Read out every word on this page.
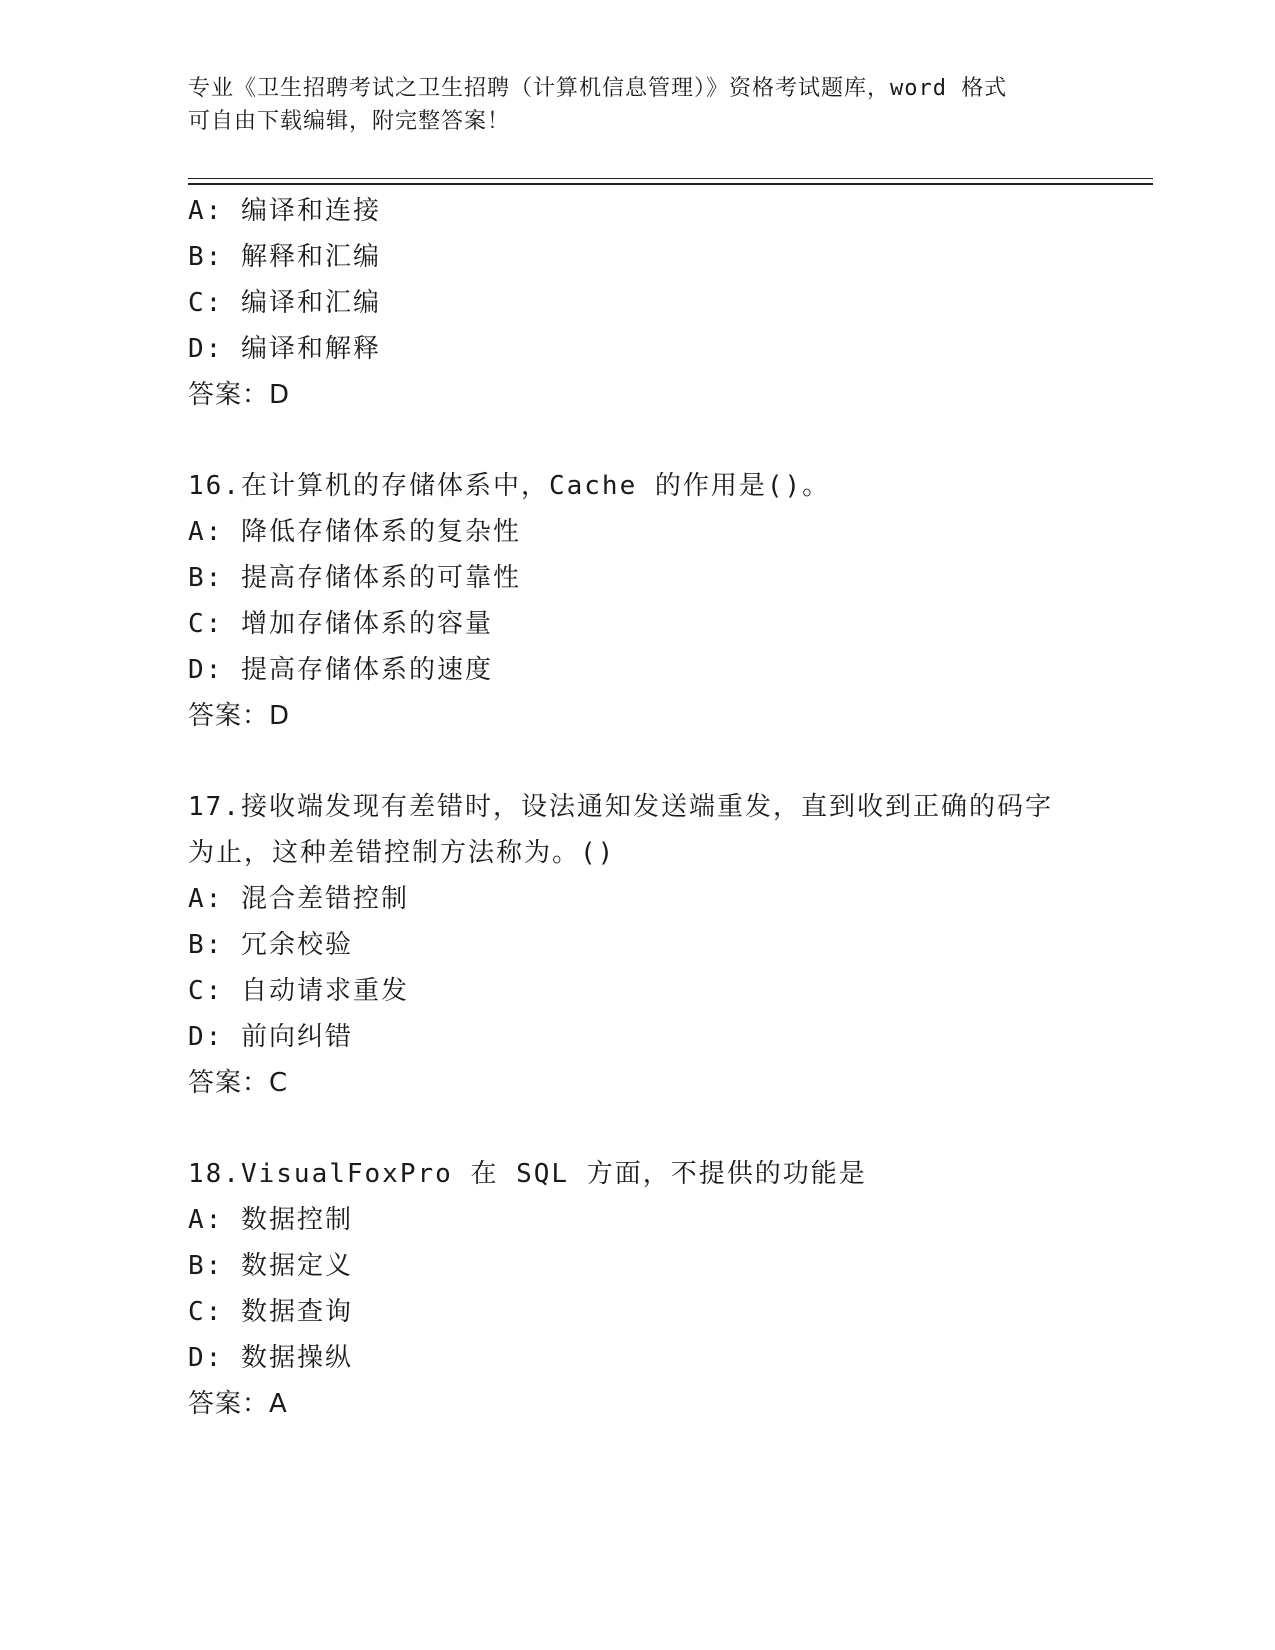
专业《卫生招聘考试之卫生招聘（计算机信息管理）》资格考试题库，word 格式
可自由下载编辑，附完整答案！
A: 编译和连接
B: 解释和汇编
C: 编译和汇编
D: 编译和解释
答案：D
16.在计算机的存储体系中，Cache 的作用是()。
A: 降低存储体系的复杂性
B: 提高存储体系的可靠性
C: 增加存储体系的容量
D: 提高存储体系的速度
答案：D
17.接收端发现有差错时，设法通知发送端重发，直到收到正确的码字
为止，这种差错控制方法称为。()
A: 混合差错控制
B: 冗余校验
C: 自动请求重发
D: 前向纠错
答案：C
18.VisualFoxPro 在 SQL 方面，不提供的功能是
A: 数据控制
B: 数据定义
C: 数据查询
D: 数据操纵
答案：A
